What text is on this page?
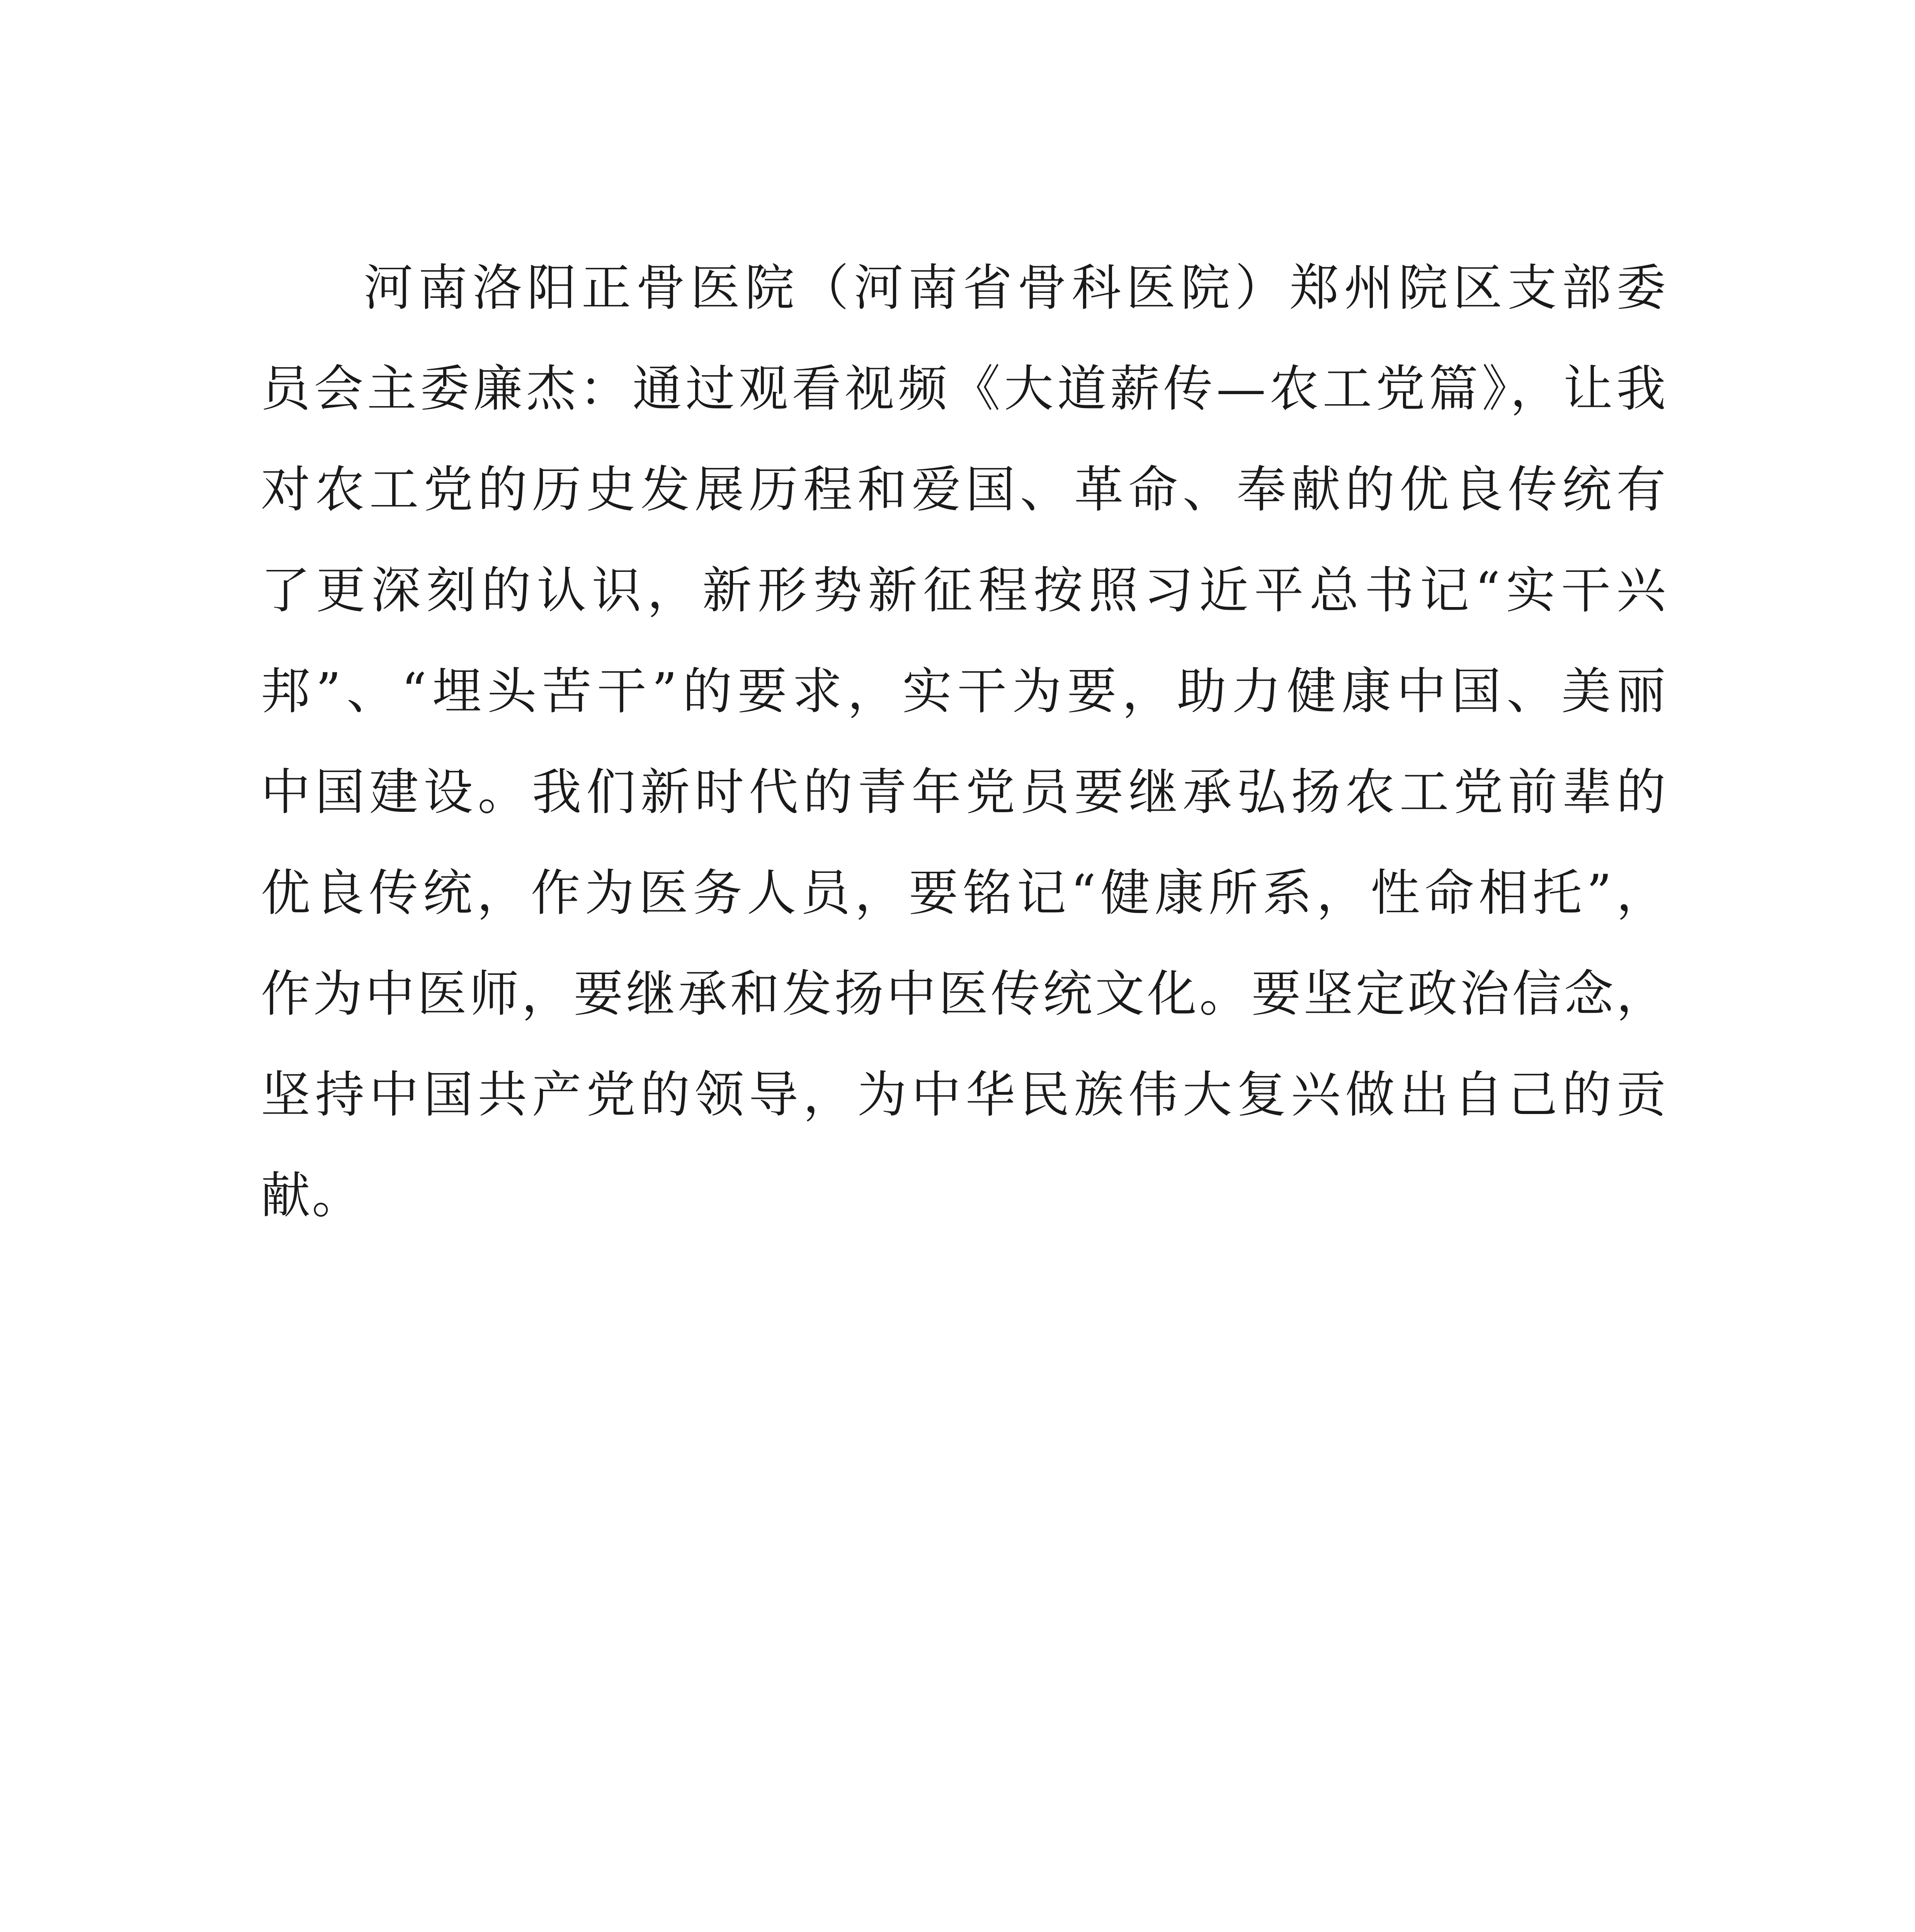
河南洛阳正骨医院（河南省骨科医院）郑州院区支部委
员会主委廉杰：通过观看视频《大道薪传—农工党篇》，让我
对农工党的历史发展历程和爱国、革命、奉献的优良传统有
了更深刻的认识，新形势新征程按照习近平总书记“实干兴
邦”、“埋头苦干”的要求，实干为要，助力健康中国、美丽
中国建设。我们新时代的青年党员要继承弘扬农工党前辈的
优良传统，作为医务人员，要铭记“健康所系，性命相托”，
作为中医师，要继承和发扬中医传统文化。要坚定政治信念，
坚持中国共产党的领导，为中华民族伟大复兴做出自己的贡
献。
